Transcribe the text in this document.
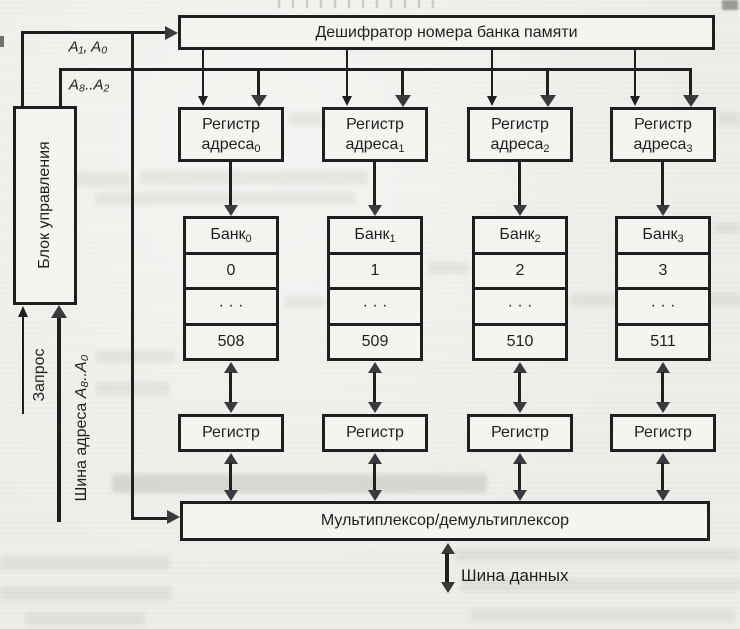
Дешифратор номера банка памяти
A₁, A₀
A₈..A₂
Блок управления
Запрос
Шина адреса A₈..A₀
Регистр
адреса$_0$
Банк$_0$
0
· · ·
508
Регистр
Регистр
адреса$_1$
Банк$_1$
1
· · ·
509
Регистр
Регистр
адреса$_2$
Банк$_2$
2
· · ·
510
Регистр
Регистр
адреса$_3$
Банк$_3$
3
· · ·
511
Регистр
Мультиплексор/демультиплексор
Шина данных
